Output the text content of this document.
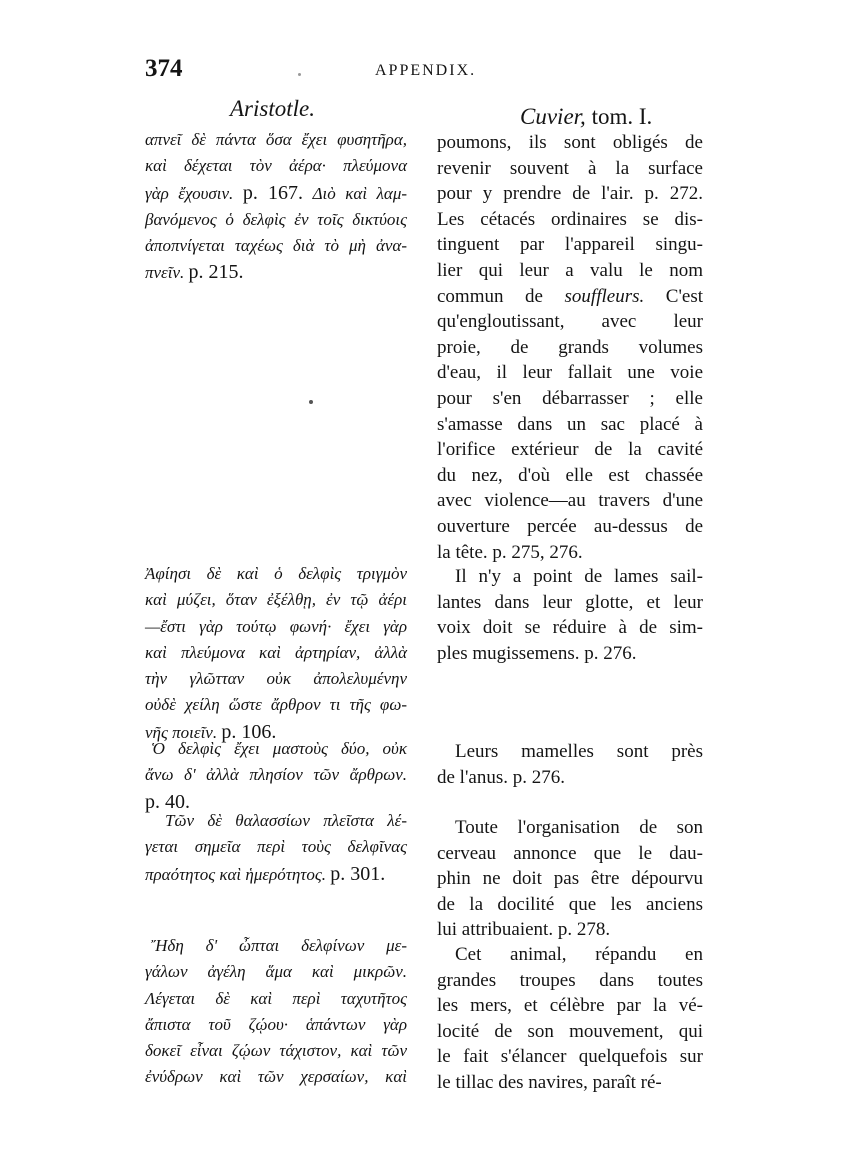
374	APPENDIX.
Aristotle.	Cuvier, tom. I.
απνεῖ δὲ πάντα ὅσα ἔχει φυσητῆρα,
καὶ δέχεται τὸν ἀέρα· πλεύμονα
γὰρ ἔχουσιν. p. 167. Διὸ καὶ λαμ-
βανόμενος ὁ δελφὶς ἐν τοῖς δικτύοις
ἀποπνίγεται ταχέως διὰ τὸ μὴ ἀνα-
πνεῖν. p. 215.
Ἀφίησι δὲ καὶ ὁ δελφὶς τριγμὸν
καὶ μύζει, ὅταν ἐξέλθῃ, ἐν τῷ ἀέρι
—ἔστι γὰρ τούτῳ φωνή· ἔχει γὰρ
καὶ πλεύμονα καὶ ἀρτηρίαν, ἀλλὰ
τὴν γλῶτταν οὐκ ἀπολελυμένην
οὐδὲ χείλη ὥστε ἄρθρον τι τῆς φω-
νῆς ποιεῖν. p. 106.
Ὁ δελφὶς ἔχει μαστοὺς δύο, οὐκ
ἄνω δ' ἀλλὰ πλησίον τῶν ἄρθρων.
p. 40.
Τῶν δὲ θαλασσίων πλεῖστα λέ-
γεται σημεῖα περὶ τοὺς δελφῖνας
πραότητος καὶ ἡμερότητος. p. 301.
Ἤδη δ' ὦπται δελφίνων με-
γάλων ἀγέλη ἅμα καὶ μικρῶν.
Λέγεται δὲ καὶ περὶ ταχυτῆτος
ἄπιστα τοῦ ζῴου· ἁπάντων γὰρ
δοκεῖ εἶναι ζῴων τάχιστον, καὶ τῶν
ἐνύδρων καὶ τῶν χερσαίων, καὶ
poumons, ils sont obligés de
revenir souvent à la surface
pour y prendre de l'air. p. 272.
Les cétacés ordinaires se dis-
tinguent par l'appareil singu-
lier qui leur a valu le nom
commun de souffleurs. C'est
qu'engloutissant, avec leur
proie, de grands volumes
d'eau, il leur fallait une voie
pour s'en débarrasser ; elle
s'amasse dans un sac placé à
l'orifice extérieur de la cavité
du nez, d'où elle est chassée
avec violence—au travers d'une
ouverture percée au-dessus de
la tête. p. 275, 276.
Il n'y a point de lames sail-
lantes dans leur glotte, et leur
voix doit se réduire à de sim-
ples mugissemens. p. 276.
Leurs mamelles sont près
de l'anus. p. 276.
Toute l'organisation de son
cerveau annonce que le dau-
phin ne doit pas être dépourvu
de la docilité que les anciens
lui attribuaient. p. 278.
Cet animal, répandu en
grandes troupes dans toutes
les mers, et célèbre par la vé-
locité de son mouvement, qui
le fait s'élancer quelquefois sur
le tillac des navires, paraît ré-
